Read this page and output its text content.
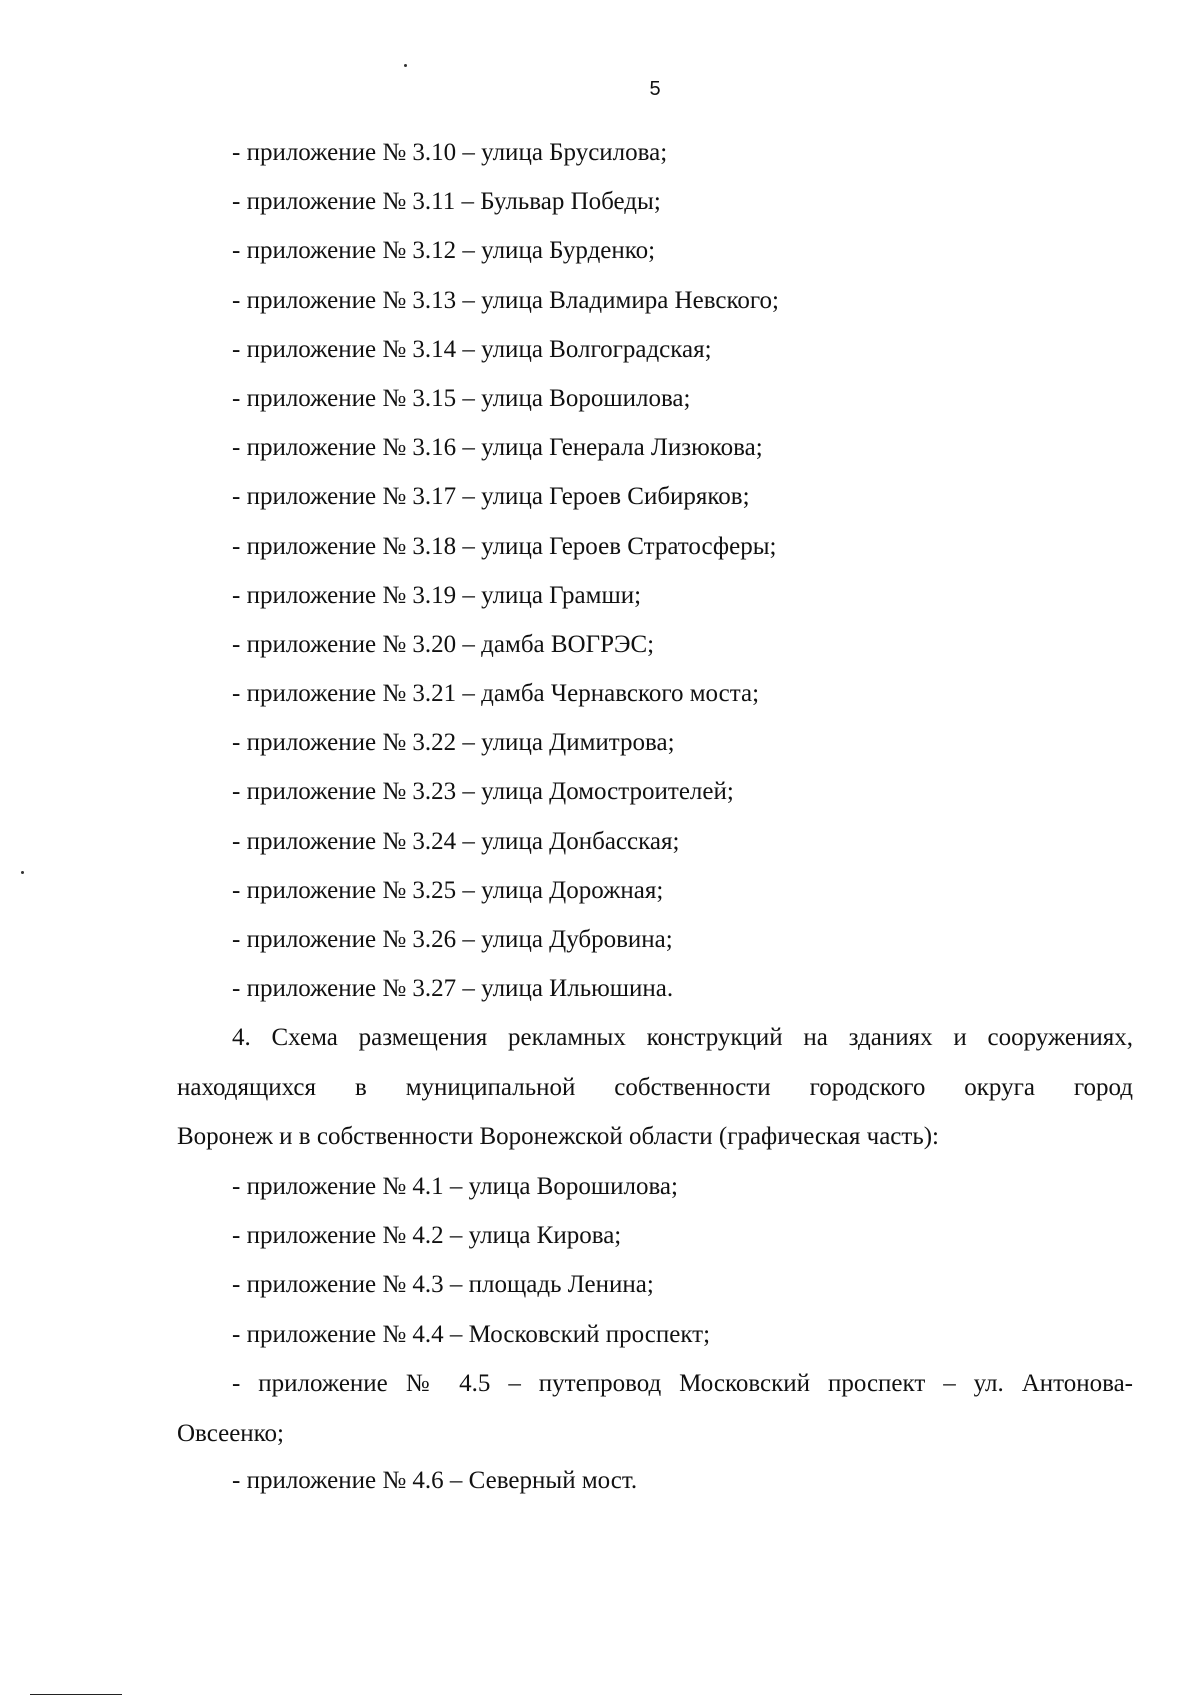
5
- приложение № 3.10 – улица Брусилова;
- приложение № 3.11 – Бульвар Победы;
- приложение № 3.12 – улица Бурденко;
- приложение № 3.13 – улица Владимира Невского;
- приложение № 3.14 – улица Волгоградская;
- приложение № 3.15 – улица Ворошилова;
- приложение № 3.16 – улица Генерала Лизюкова;
- приложение № 3.17 – улица Героев Сибиряков;
- приложение № 3.18 – улица Героев Стратосферы;
- приложение № 3.19 – улица Грамши;
- приложение № 3.20 – дамба ВОГРЭС;
- приложение № 3.21 – дамба Чернавского моста;
- приложение № 3.22 – улица Димитрова;
- приложение № 3.23 – улица Домостроителей;
- приложение № 3.24 – улица Донбасская;
- приложение № 3.25 – улица Дорожная;
- приложение № 3.26 – улица Дубровина;
- приложение № 3.27 – улица Ильюшина.
4. Схема размещения рекламных конструкций на зданиях и сооружениях,
находящихся в муниципальной собственности городского округа город
Воронеж и в собственности Воронежской области (графическая часть):
- приложение № 4.1 – улица Ворошилова;
- приложение № 4.2 – улица Кирова;
- приложение № 4.3 – площадь Ленина;
- приложение № 4.4 – Московский проспект;
- приложение № 4.5 – путепровод Московский проспект – ул. Антонова-
Овсеенко;
- приложение № 4.6 – Северный мост.
